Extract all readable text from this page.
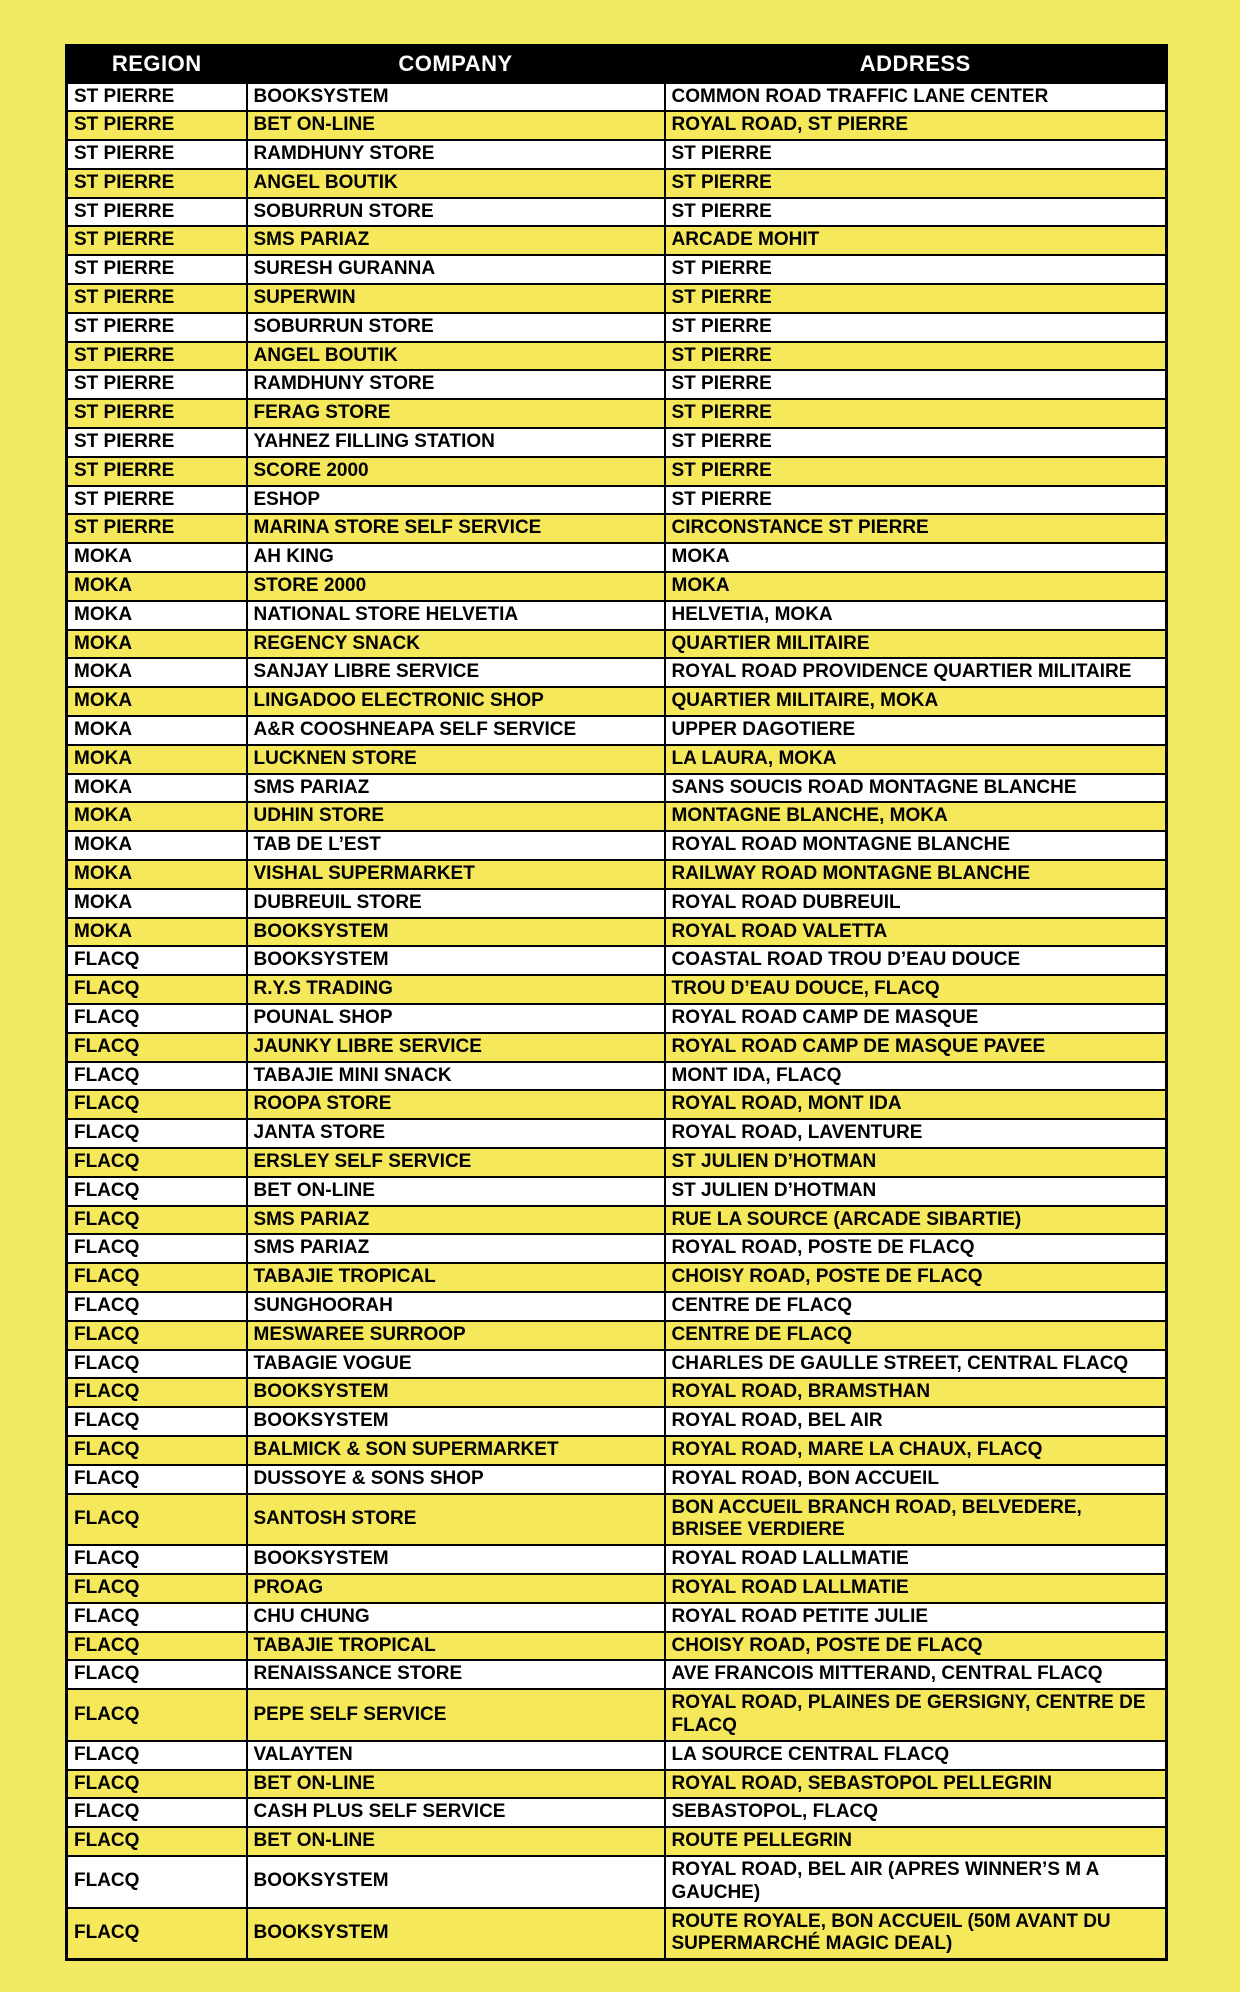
REGION	COMPANY	ADDRESS
ST PIERRE	BOOKSYSTEM	COMMON ROAD TRAFFIC LANE CENTER
ST PIERRE	BET ON-LINE	ROYAL ROAD, ST PIERRE
ST PIERRE	RAMDHUNY STORE	ST PIERRE
ST PIERRE	ANGEL BOUTIK	ST PIERRE
ST PIERRE	SOBURRUN STORE	ST PIERRE
ST PIERRE	SMS PARIAZ	ARCADE MOHIT
ST PIERRE	SURESH GURANNA	ST PIERRE
ST PIERRE	SUPERWIN	ST PIERRE
ST PIERRE	SOBURRUN STORE	ST PIERRE
ST PIERRE	ANGEL BOUTIK	ST PIERRE
ST PIERRE	RAMDHUNY STORE	ST PIERRE
ST PIERRE	FERAG STORE	ST PIERRE
ST PIERRE	YAHNEZ FILLING STATION	ST PIERRE
ST PIERRE	SCORE 2000	ST PIERRE
ST PIERRE	ESHOP	ST PIERRE
ST PIERRE	MARINA STORE SELF SERVICE	CIRCONSTANCE ST PIERRE
MOKA	AH KING	MOKA
MOKA	STORE 2000	MOKA
MOKA	NATIONAL STORE HELVETIA	HELVETIA, MOKA
MOKA	REGENCY SNACK	QUARTIER MILITAIRE
MOKA	SANJAY LIBRE SERVICE	ROYAL ROAD PROVIDENCE QUARTIER MILITAIRE
MOKA	LINGADOO ELECTRONIC SHOP	QUARTIER MILITAIRE, MOKA
MOKA	A&R COOSHNEAPA SELF SERVICE	UPPER DAGOTIERE
MOKA	LUCKNEN STORE	LA LAURA, MOKA
MOKA	SMS PARIAZ	SANS SOUCIS ROAD MONTAGNE BLANCHE
MOKA	UDHIN STORE	MONTAGNE BLANCHE, MOKA
MOKA	TAB DE L’EST	ROYAL ROAD MONTAGNE BLANCHE
MOKA	VISHAL SUPERMARKET	RAILWAY ROAD MONTAGNE BLANCHE
MOKA	DUBREUIL STORE	ROYAL ROAD DUBREUIL
MOKA	BOOKSYSTEM	ROYAL ROAD VALETTA
FLACQ	BOOKSYSTEM	COASTAL ROAD TROU D’EAU DOUCE
FLACQ	R.Y.S TRADING	TROU D’EAU DOUCE, FLACQ
FLACQ	POUNAL SHOP	ROYAL ROAD CAMP DE MASQUE
FLACQ	JAUNKY LIBRE SERVICE	ROYAL ROAD CAMP DE MASQUE PAVEE
FLACQ	TABAJIE MINI SNACK	MONT IDA, FLACQ
FLACQ	ROOPA STORE	ROYAL ROAD, MONT IDA
FLACQ	JANTA STORE	ROYAL ROAD, LAVENTURE
FLACQ	ERSLEY SELF SERVICE	ST JULIEN D’HOTMAN
FLACQ	BET ON-LINE	ST JULIEN D’HOTMAN
FLACQ	SMS PARIAZ	RUE LA SOURCE (ARCADE SIBARTIE)
FLACQ	SMS PARIAZ	ROYAL ROAD, POSTE DE FLACQ
FLACQ	TABAJIE TROPICAL	CHOISY ROAD, POSTE DE FLACQ
FLACQ	SUNGHOORAH	CENTRE DE FLACQ
FLACQ	MESWAREE SURROOP	CENTRE DE FLACQ
FLACQ	TABAGIE VOGUE	CHARLES DE GAULLE STREET, CENTRAL FLACQ
FLACQ	BOOKSYSTEM	ROYAL ROAD, BRAMSTHAN
FLACQ	BOOKSYSTEM	ROYAL ROAD, BEL AIR
FLACQ	BALMICK & SON SUPERMARKET	ROYAL ROAD, MARE LA CHAUX, FLACQ
FLACQ	DUSSOYE & SONS SHOP	ROYAL ROAD, BON ACCUEIL
FLACQ	SANTOSH STORE	BON ACCUEIL BRANCH ROAD, BELVEDERE, BRISEE VERDIERE
FLACQ	BOOKSYSTEM	ROYAL ROAD LALLMATIE
FLACQ	PROAG	ROYAL ROAD LALLMATIE
FLACQ	CHU CHUNG	ROYAL ROAD PETITE JULIE
FLACQ	TABAJIE TROPICAL	CHOISY ROAD, POSTE DE FLACQ
FLACQ	RENAISSANCE STORE	AVE FRANCOIS MITTERAND, CENTRAL FLACQ
FLACQ	PEPE SELF SERVICE	ROYAL ROAD, PLAINES DE GERSIGNY, CENTRE DE FLACQ
FLACQ	VALAYTEN	LA SOURCE CENTRAL FLACQ
FLACQ	BET ON-LINE	ROYAL ROAD, SEBASTOPOL PELLEGRIN
FLACQ	CASH PLUS SELF SERVICE	SEBASTOPOL, FLACQ
FLACQ	BET ON-LINE	ROUTE PELLEGRIN
FLACQ	BOOKSYSTEM	ROYAL ROAD, BEL AIR (APRES WINNER’S M A GAUCHE)
FLACQ	BOOKSYSTEM	ROUTE ROYALE, BON ACCUEIL (50M AVANT DU SUPERMARCHÉ MAGIC DEAL)
